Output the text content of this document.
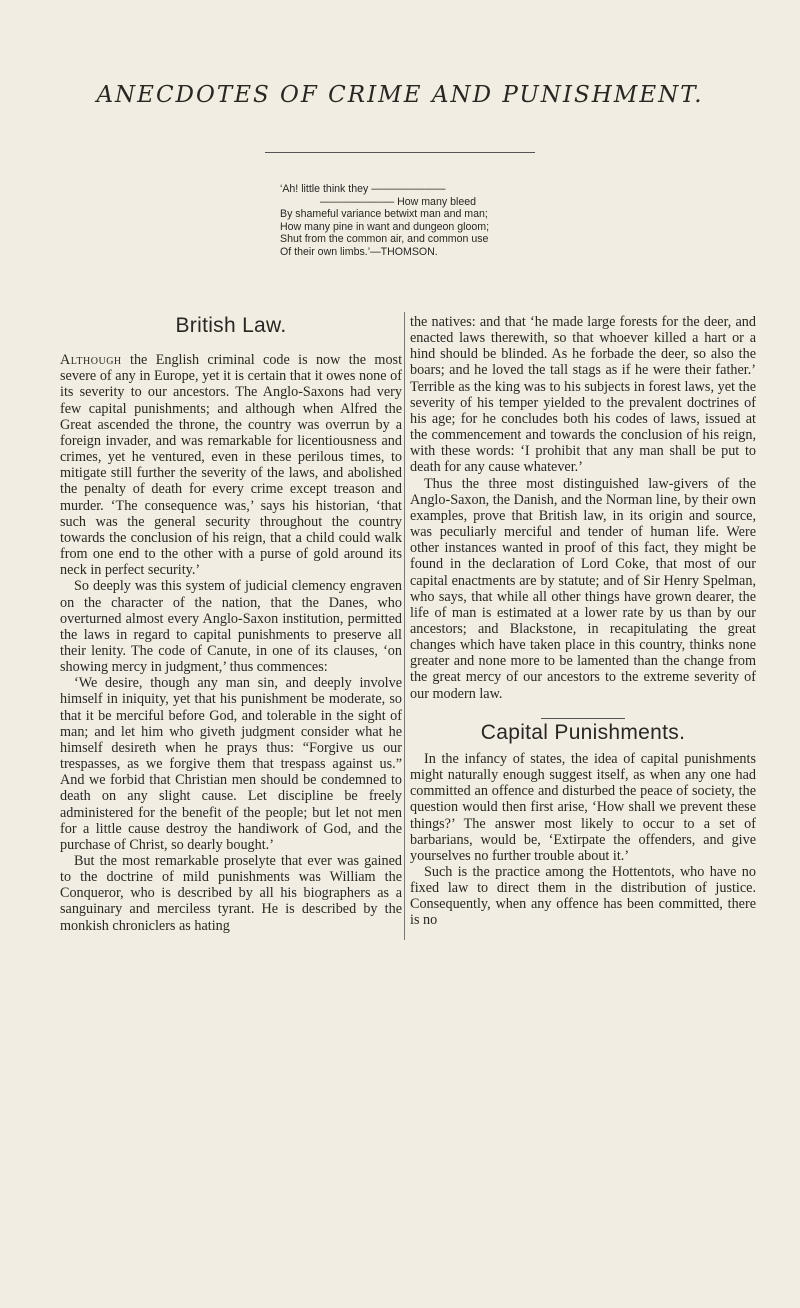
ANECDOTES OF CRIME AND PUNISHMENT.
‘Ah! little think they ———————
——————— How many bleed
By shameful variance betwixt man and man;
How many pine in want and dungeon gloom;
Shut from the common air, and common use
Of their own limbs.’—THOMSON.
British Law.

Although the English criminal code is now the most severe of any in Europe, yet it is certain that it owes none of its severity to our ancestors. The Anglo-Saxons had very few capital punishments; and although when Alfred the Great ascended the throne, the country was overrun by a foreign invader, and was remarkable for licentiousness and crimes, yet he ventured, even in these perilous times, to mitigate still further the severity of the laws, and abolished the penalty of death for every crime except treason and murder. ‘The consequence was,’ says his historian, ‘that such was the general security throughout the country towards the conclusion of his reign, that a child could walk from one end to the other with a purse of gold around its neck in perfect security.’

So deeply was this system of judicial clemency engraven on the character of the nation, that the Danes, who overturned almost every Anglo-Saxon institution, permitted the laws in regard to capital punishments to preserve all their lenity. The code of Canute, in one of its clauses, ‘on showing mercy in judgment,’ thus commences:

‘We desire, though any man sin, and deeply involve himself in iniquity, yet that his punishment be moderate, so that it be merciful before God, and tolerable in the sight of man; and let him who giveth judgment consider what he himself desireth when he prays thus: “Forgive us our trespasses, as we forgive them that trespass against us.” And we forbid that Christian men should be condemned to death on any slight cause. Let discipline be freely administered for the benefit of the people; but let not men for a little cause destroy the handiwork of God, and the purchase of Christ, so dearly bought.’

But the most remarkable proselyte that ever was gained to the doctrine of mild punishments was William the Conqueror, who is described by all his biographers as a sanguinary and merciless tyrant. He is described by the monkish chroniclers as hating

the natives: and that ‘he made large forests for the deer, and enacted laws therewith, so that whoever killed a hart or a hind should be blinded. As he forbade the deer, so also the boars; and he loved the tall stags as if he were their father.’ Terrible as the king was to his subjects in forest laws, yet the severity of his temper yielded to the prevalent doctrines of his age; for he concludes both his codes of laws, issued at the commencement and towards the conclusion of his reign, with these words: ‘I prohibit that any man shall be put to death for any cause whatever.’

Thus the three most distinguished law-givers of the Anglo-Saxon, the Danish, and the Norman line, by their own examples, prove that British law, in its origin and source, was peculiarly merciful and tender of human life. Were other instances wanted in proof of this fact, they might be found in the declaration of Lord Coke, that most of our capital enactments are by statute; and of Sir Henry Spelman, who says, that while all other things have grown dearer, the life of man is estimated at a lower rate by us than by our ancestors; and Blackstone, in recapitulating the great changes which have taken place in this country, thinks none greater and none more to be lamented than the change from the great mercy of our ancestors to the extreme severity of our modern law.

Capital Punishments.

In the infancy of states, the idea of capital punishments might naturally enough suggest itself, as when any one had committed an offence and disturbed the peace of society, the question would then first arise, ‘How shall we prevent these things?’ The answer most likely to occur to a set of barbarians, would be, ‘Extirpate the offenders, and give yourselves no further trouble about it.’

Such is the practice among the Hottentots, who have no fixed law to direct them in the distribution of justice. Consequently, when any offence has been committed, there is no
